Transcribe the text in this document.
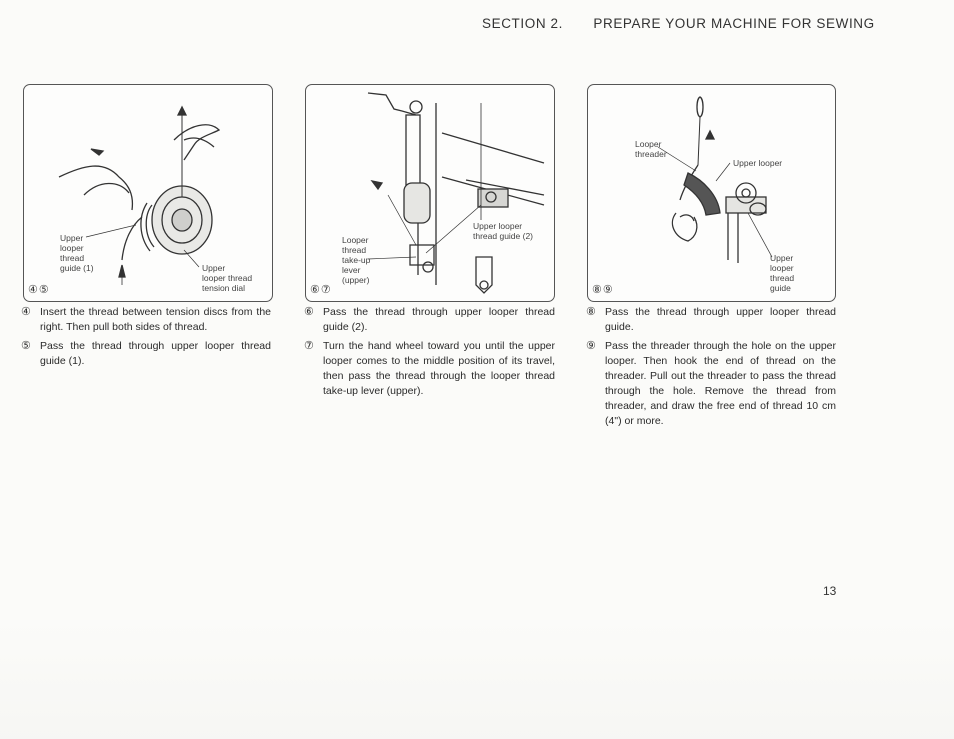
SECTION 2. PREPARE YOUR MACHINE FOR SEWING
Upper
looper
thread
guide (1)	Upper
looper thread
tension dial
④⑤
Upper looper
thread guide (2)
Looper
thread
take-up
lever
(upper)
⑥⑦
Looper
threader
Upper looper
Upper
looper
thread
guide
⑧⑨
④ Insert the thread between tension discs from the right. Then pull both sides of thread.
⑤ Pass the thread through upper looper thread guide (1).
⑥ Pass the thread through upper looper thread guide (2).
⑦ Turn the hand wheel toward you until the upper looper comes to the middle position of its travel, then pass the thread through the looper thread take-up lever (upper).
⑧ Pass the thread through upper looper thread guide.
⑨ Pass the threader through the hole on the upper looper. Then hook the end of thread on the threader. Pull out the threader to pass the thread through the hole. Remove the thread from threader, and draw the free end of thread 10 cm (4") or more.
13
